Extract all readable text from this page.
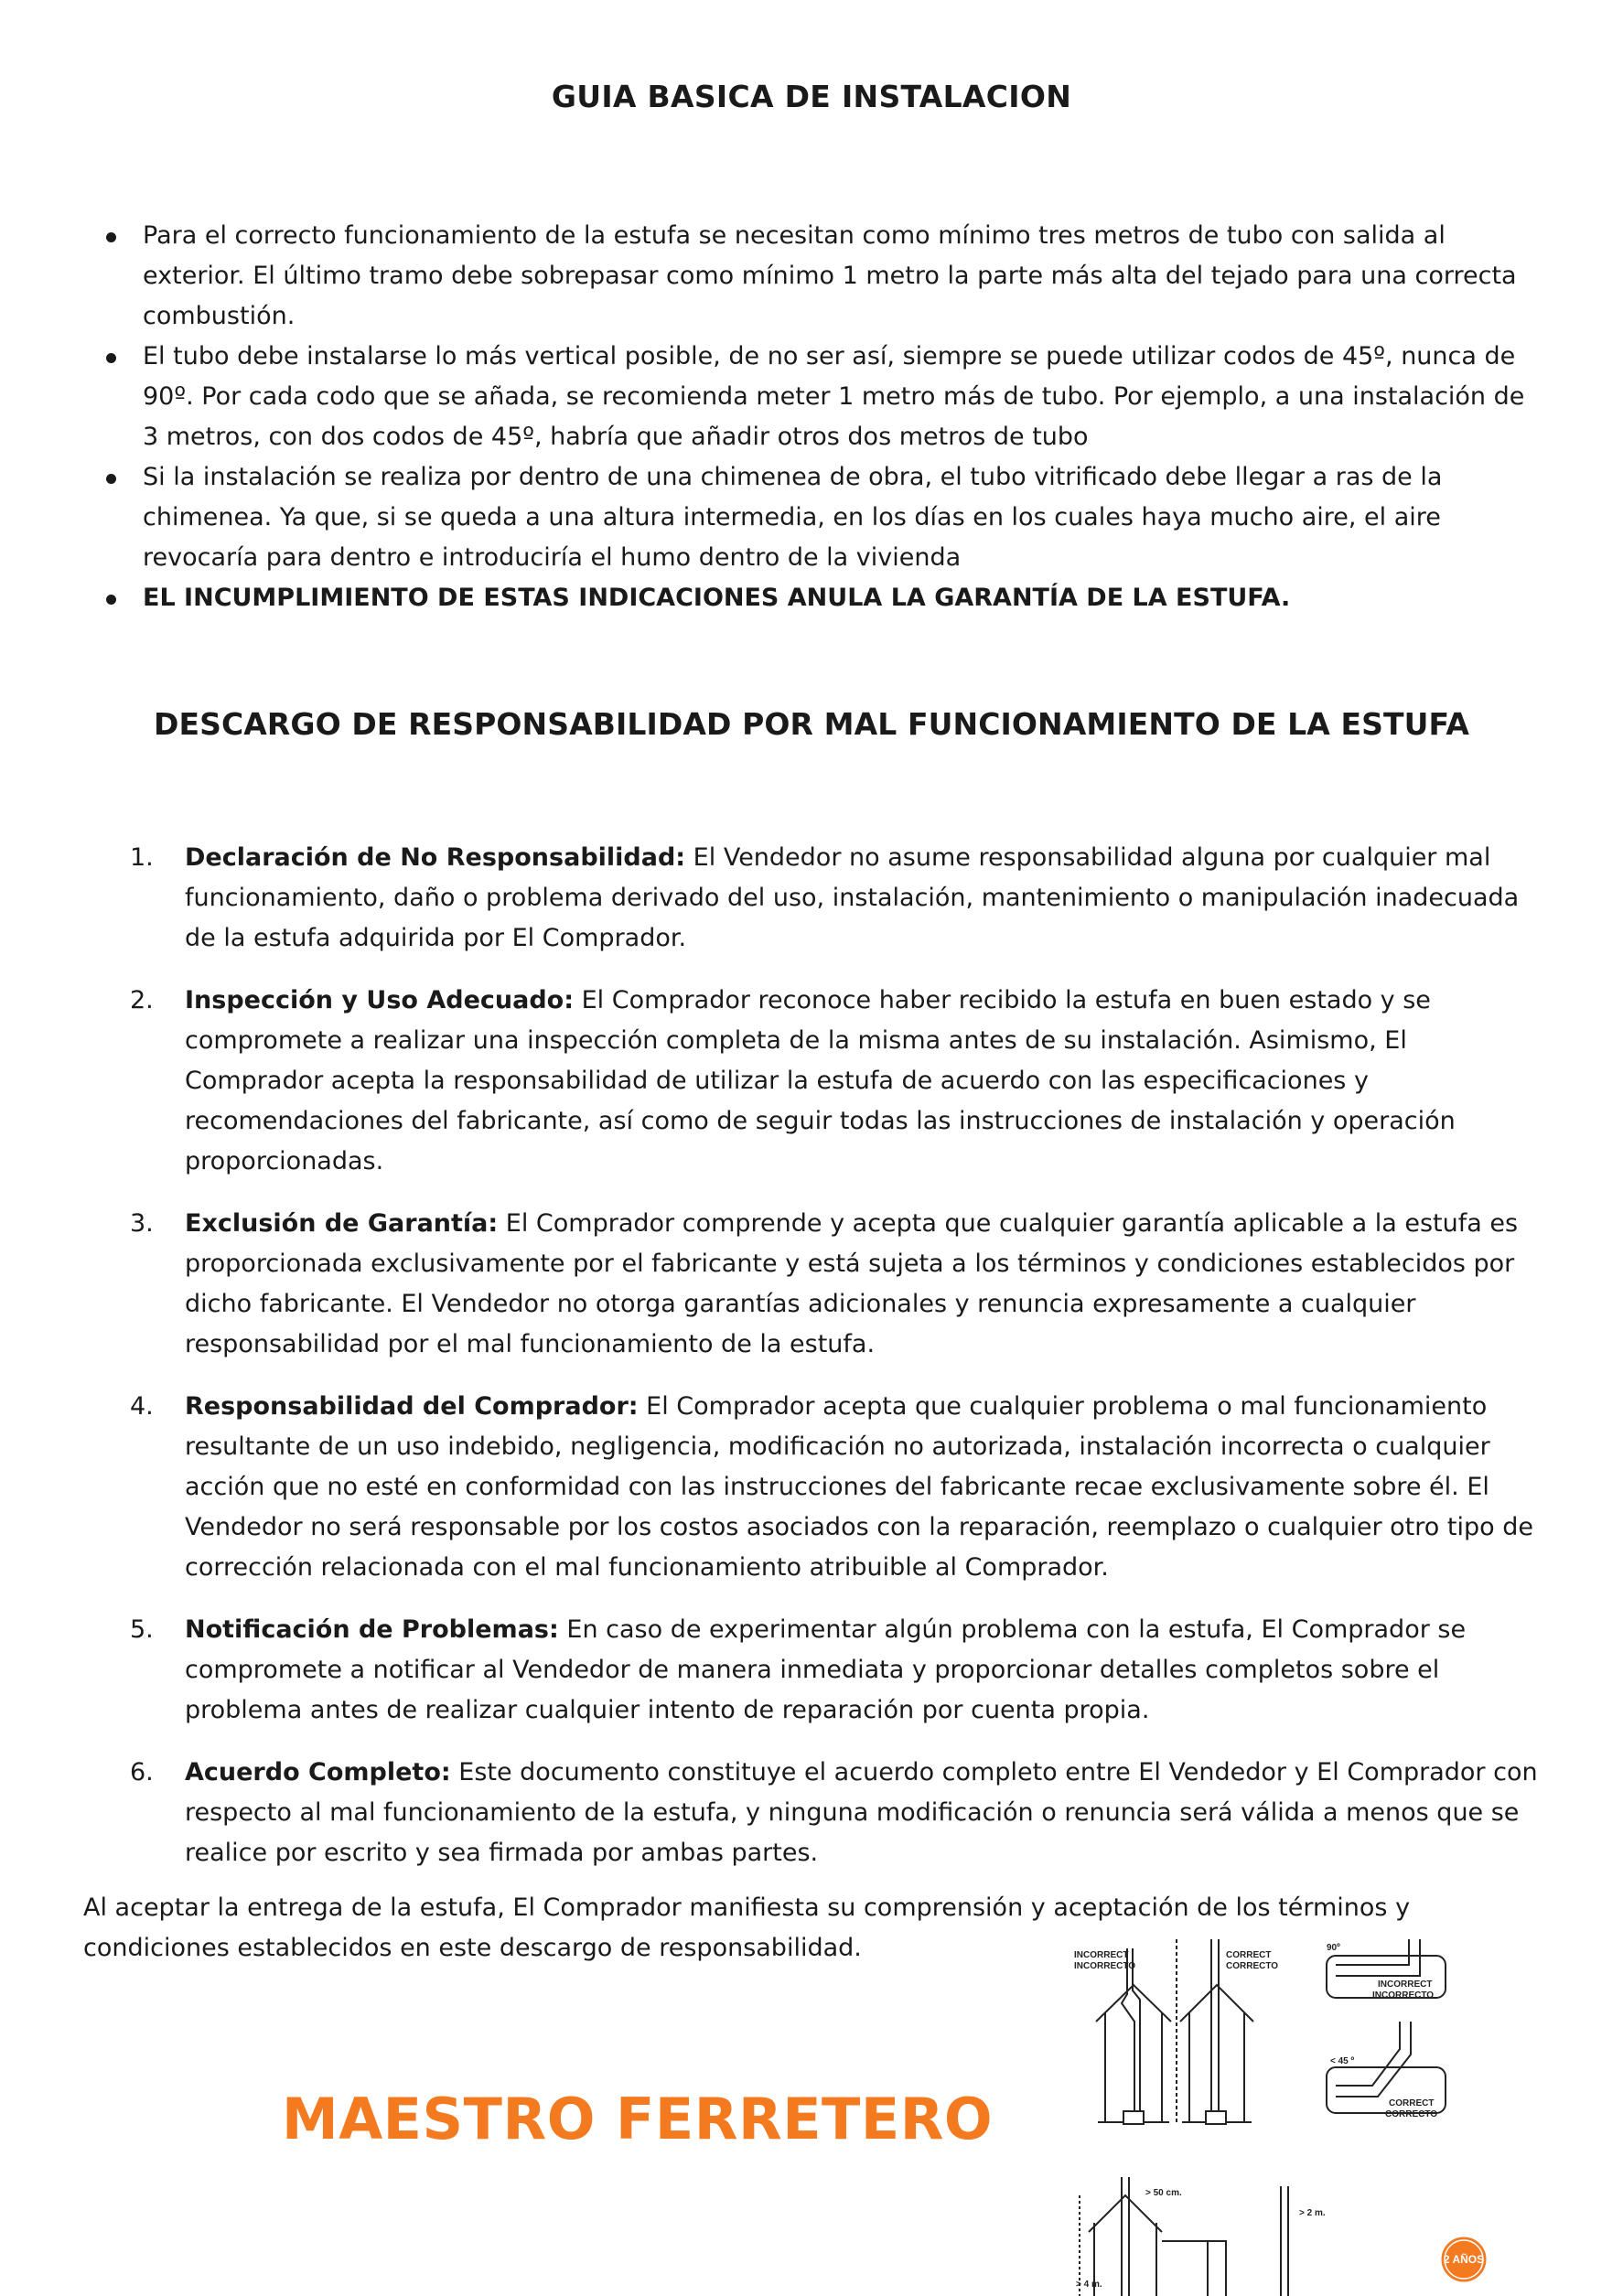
GUIA BASICA DE INSTALACION
Para el correcto funcionamiento de la estufa se necesitan como mínimo tres metros de tubo con salida al exterior. El último tramo debe sobrepasar como mínimo 1 metro la parte más alta del tejado para una correcta combustión.
El tubo debe instalarse lo más vertical posible, de no ser así, siempre se puede utilizar codos de 45º, nunca de 90º. Por cada codo que se añada, se recomienda meter 1 metro más de tubo. Por ejemplo, a una instalación de 3 metros, con dos codos de 45º, habría que añadir otros dos metros de tubo
Si la instalación se realiza por dentro de una chimenea de obra, el tubo vitrificado debe llegar a ras de la chimenea. Ya que, si se queda a una altura intermedia, en los días en los cuales haya mucho aire, el aire revocaría para dentro e introduciría el humo dentro de la vivienda
EL INCUMPLIMIENTO DE ESTAS INDICACIONES ANULA LA GARANTÍA DE LA ESTUFA.
DESCARGO DE RESPONSABILIDAD POR MAL FUNCIONAMIENTO DE LA ESTUFA
1. Declaración de No Responsabilidad: El Vendedor no asume responsabilidad alguna por cualquier mal funcionamiento, daño o problema derivado del uso, instalación, mantenimiento o manipulación inadecuada de la estufa adquirida por El Comprador.
2. Inspección y Uso Adecuado: El Comprador reconoce haber recibido la estufa en buen estado y se compromete a realizar una inspección completa de la misma antes de su instalación. Asimismo, El Comprador acepta la responsabilidad de utilizar la estufa de acuerdo con las especificaciones y recomendaciones del fabricante, así como de seguir todas las instrucciones de instalación y operación proporcionadas.
3. Exclusión de Garantía: El Comprador comprende y acepta que cualquier garantía aplicable a la estufa es proporcionada exclusivamente por el fabricante y está sujeta a los términos y condiciones establecidos por dicho fabricante. El Vendedor no otorga garantías adicionales y renuncia expresamente a cualquier responsabilidad por el mal funcionamiento de la estufa.
4. Responsabilidad del Comprador: El Comprador acepta que cualquier problema o mal funcionamiento resultante de un uso indebido, negligencia, modificación no autorizada, instalación incorrecta o cualquier acción que no esté en conformidad con las instrucciones del fabricante recae exclusivamente sobre él. El Vendedor no será responsable por los costos asociados con la reparación, reemplazo o cualquier otro tipo de corrección relacionada con el mal funcionamiento atribuible al Comprador.
5. Notificación de Problemas: En caso de experimentar algún problema con la estufa, El Comprador se compromete a notificar al Vendedor de manera inmediata y proporcionar detalles completos sobre el problema antes de realizar cualquier intento de reparación por cuenta propia.
6. Acuerdo Completo: Este documento constituye el acuerdo completo entre El Vendedor y El Comprador con respecto al mal funcionamiento de la estufa, y ninguna modificación o renuncia será válida a menos que se realice por escrito y sea firmada por ambas partes.
Al aceptar la entrega de la estufa, El Comprador manifiesta su comprensión y aceptación de los términos y condiciones establecidos en este descargo de responsabilidad.
MAESTRO FERRETERO
INCORRECT
INCORRECTO
CORRECT
CORRECTO
90º
INCORRECT
INCORRECTO
< 45 º
CORRECT
CORRECTO
> 50 cm.
> 2 m.
> 4 m.
2 AÑOS
